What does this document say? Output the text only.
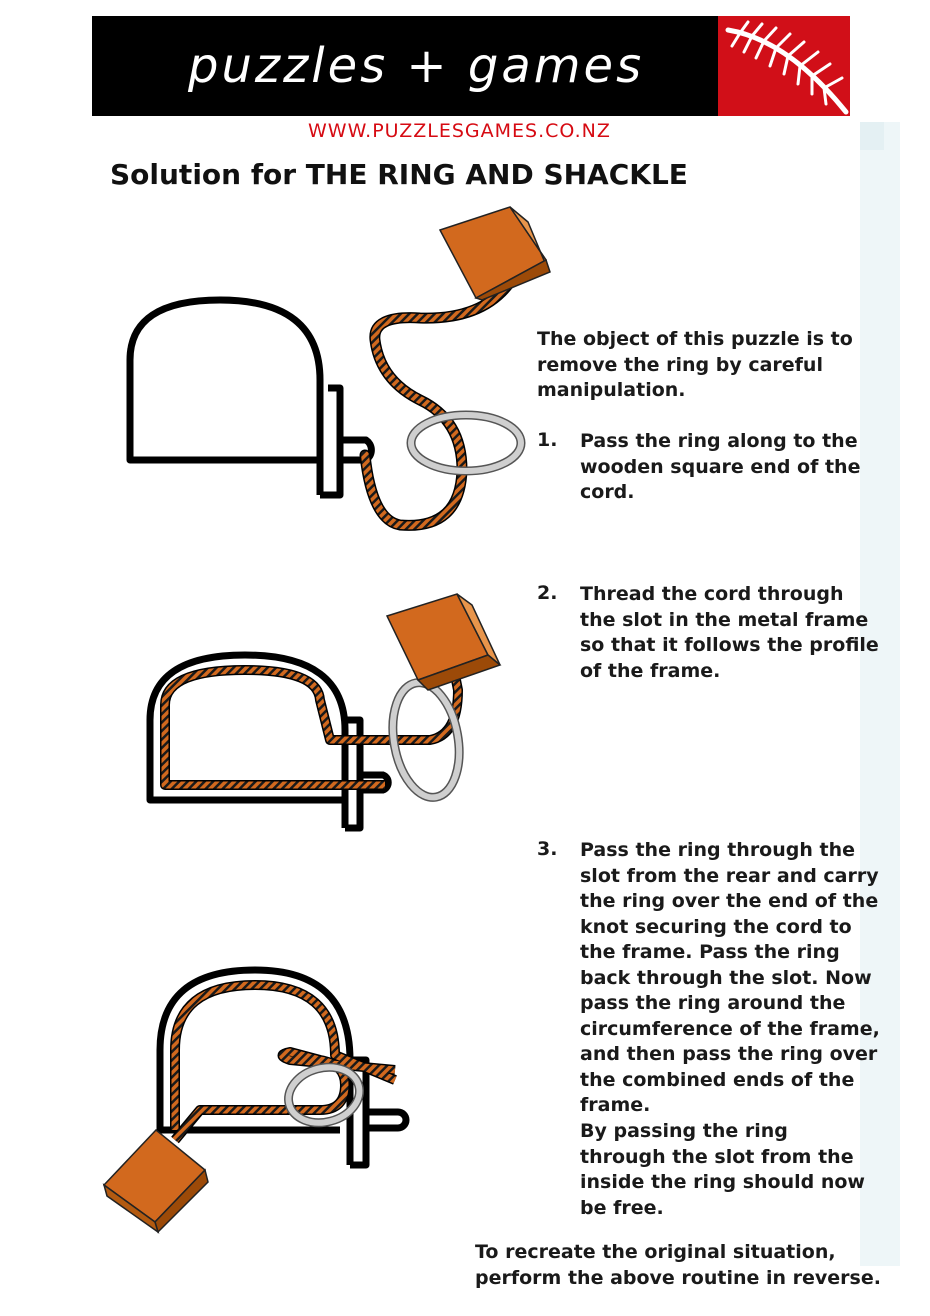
puzzles + games
WWW.PUZZLESGAMES.CO.NZ
Solution for THE RING AND SHACKLE
The object of this puzzle is to remove the ring by careful manipulation.
1. Pass the ring along to the wooden square end of the cord.
2. Thread the cord through the slot in the metal frame so that it follows the profile of the frame.
3. Pass the ring through the slot from the rear and carry the ring over the end of the knot securing the cord to the frame. Pass the ring back through the slot. Now pass the ring around the circumference of the frame, and then pass the ring over the combined ends of the frame.
By passing the ring through the slot from the inside the ring should now be free.
To recreate the original situation, perform the above routine in reverse.
